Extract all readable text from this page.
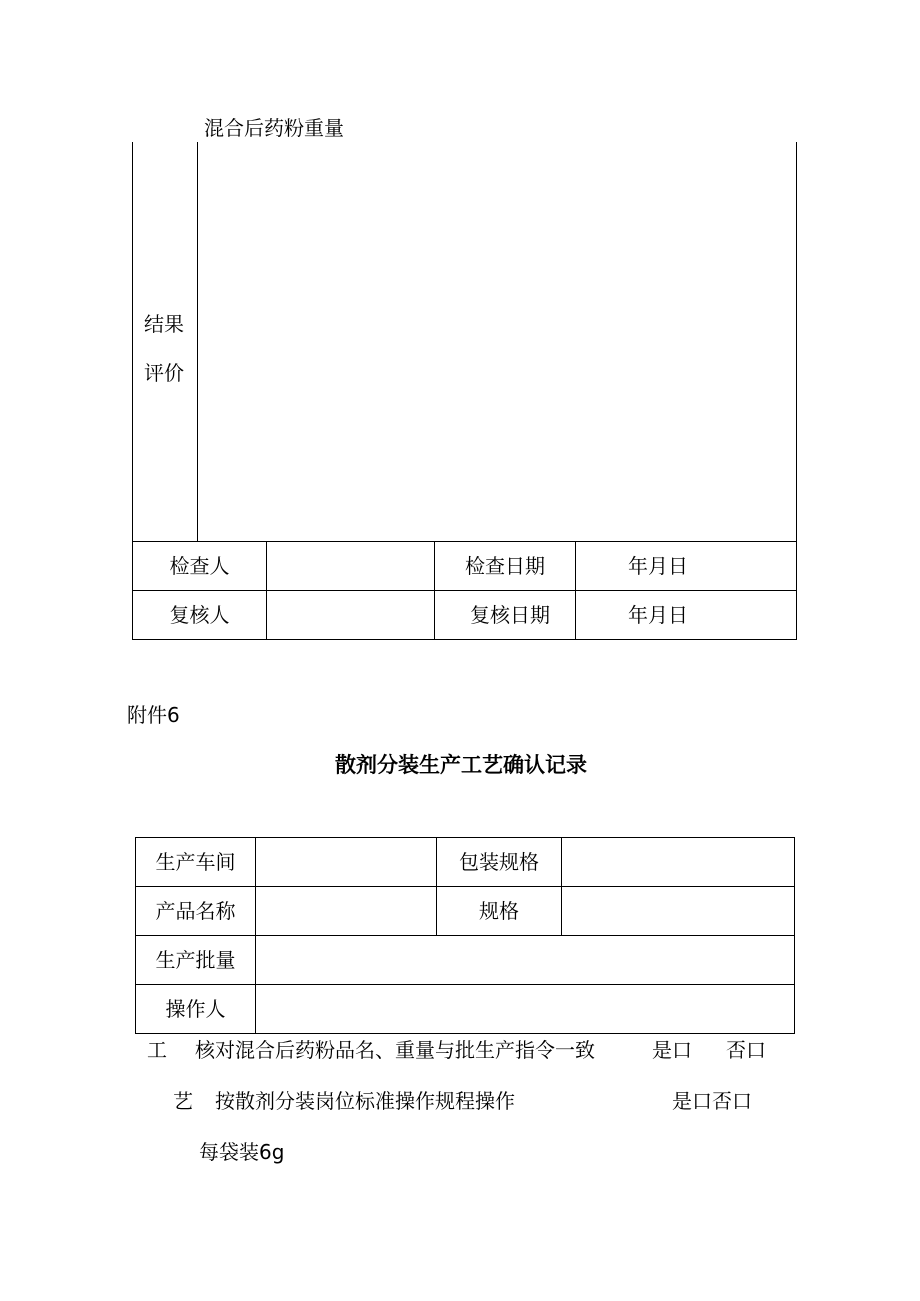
混合后药粉重量
结果
评价
检查人	检查日期	年月日
复核人	复核日期	年月日
附件6
散剂分装生产工艺确认记录
生产车间	包装规格
产品名称	规格
生产批量
操作人
工 核对混合后药粉品名、重量与批生产指令一致	是口 否口
艺 按散剂分装岗位标准操作规程操作	是口否口
每袋装6g
